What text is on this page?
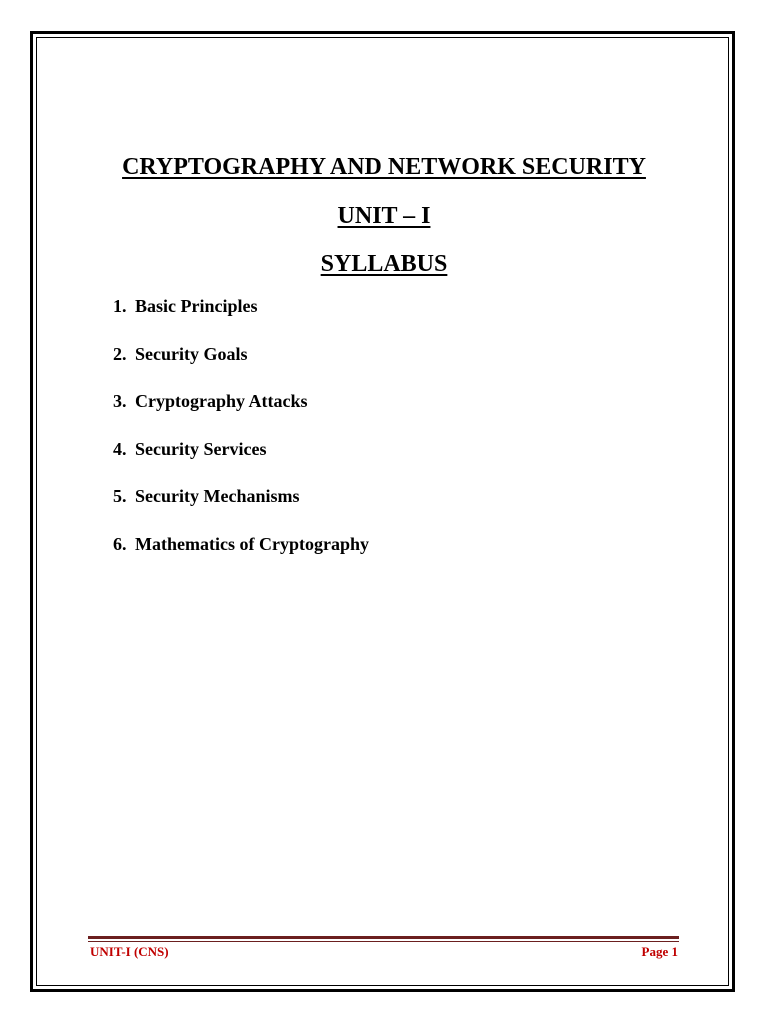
CRYPTOGRAPHY AND NETWORK SECURITY
UNIT – I
SYLLABUS
1. Basic Principles
2. Security Goals
3. Cryptography Attacks
4. Security Services
5. Security Mechanisms
6. Mathematics of Cryptography
UNIT-I (CNS)	Page 1
